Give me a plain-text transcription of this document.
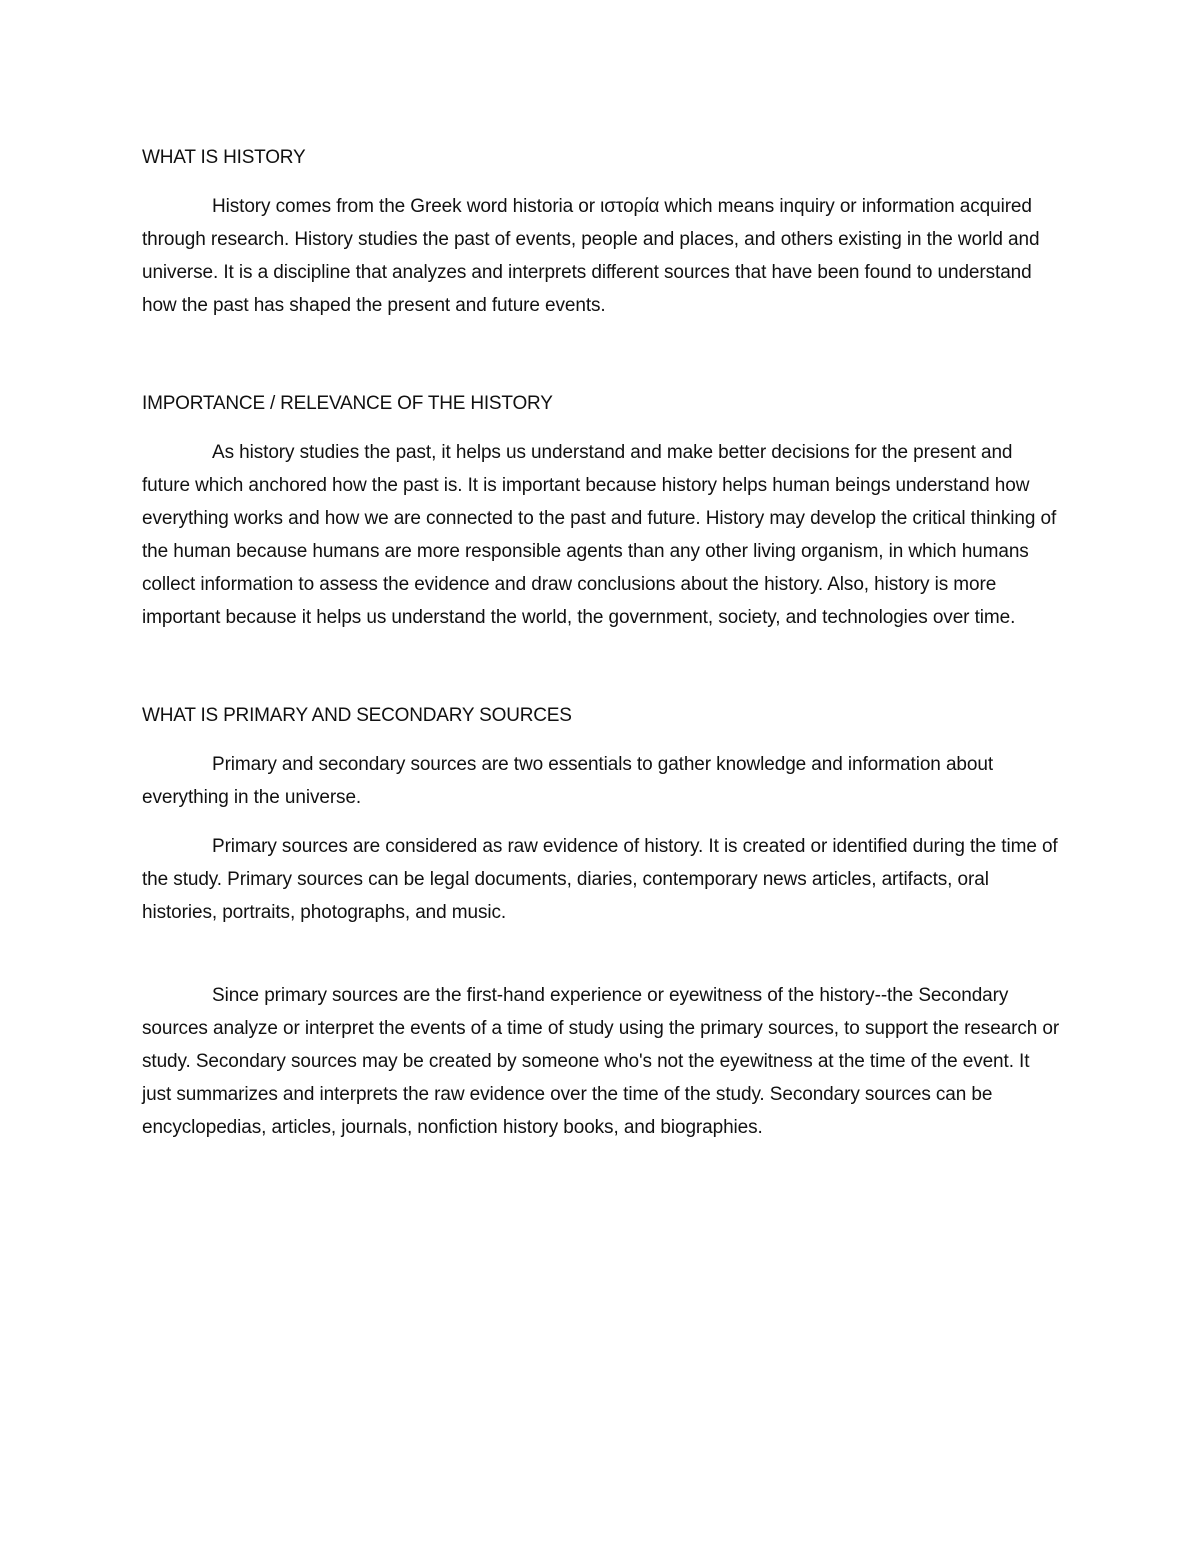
WHAT IS HISTORY

History comes from the Greek word historia or ιστορία which means inquiry or information acquired through research. History studies the past of events, people and places, and others existing in the world and universe. It is a discipline that analyzes and interprets different sources that have been found to understand how the past has shaped the present and future events.

IMPORTANCE / RELEVANCE OF THE HISTORY

As history studies the past, it helps us understand and make better decisions for the present and future which anchored how the past is. It is important because history helps human beings understand how everything works and how we are connected to the past and future. History may develop the critical thinking of the human because humans are more responsible agents than any other living organism, in which humans collect information to assess the evidence and draw conclusions about the history. Also, history is more important because it helps us understand the world, the government, society, and technologies over time.

WHAT IS PRIMARY AND SECONDARY SOURCES

Primary and secondary sources are two essentials to gather knowledge and information about everything in the universe.

Primary sources are considered as raw evidence of history. It is created or identified during the time of the study. Primary sources can be legal documents, diaries, contemporary news articles, artifacts, oral histories, portraits, photographs, and music.

Since primary sources are the first-hand experience or eyewitness of the history--the Secondary sources analyze or interpret the events of a time of study using the primary sources, to support the research or study. Secondary sources may be created by someone who's not the eyewitness at the time of the event. It just summarizes and interprets the raw evidence over the time of the study. Secondary sources can be encyclopedias, articles, journals, nonfiction history books, and biographies.
